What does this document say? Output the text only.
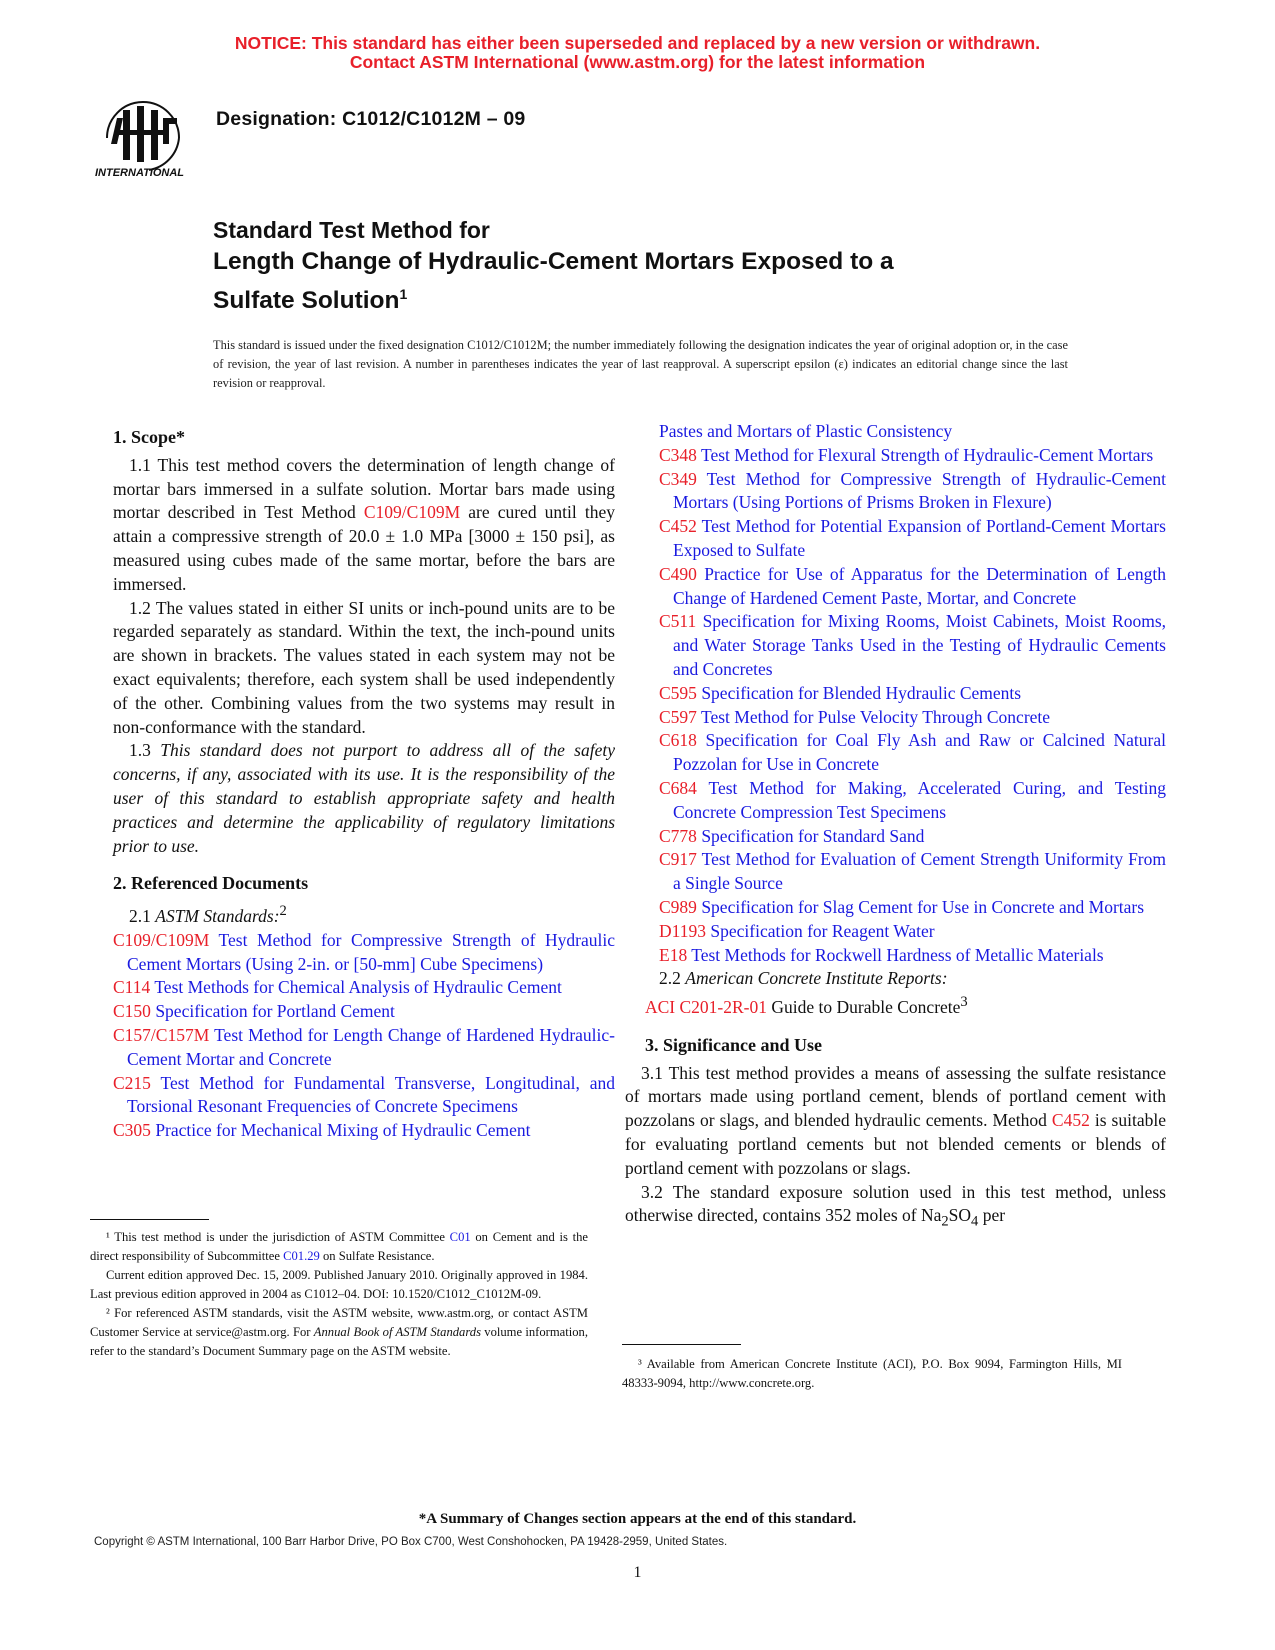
NOTICE: This standard has either been superseded and replaced by a new version or withdrawn.
Contact ASTM International (www.astm.org) for the latest information
INTERNATIONAL
Designation: C1012/C1012M – 09
Standard Test Method for
Length Change of Hydraulic-Cement Mortars Exposed to a
Sulfate Solution$^1$
This standard is issued under the fixed designation C1012/C1012M; the number immediately following the designation indicates the year of original adoption or, in the case of revision, the year of last revision. A number in parentheses indicates the year of last reapproval. A superscript epsilon (ε) indicates an editorial change since the last revision or reapproval.
1. Scope*

1.1 This test method covers the determination of length change of mortar bars immersed in a sulfate solution. Mortar bars made using mortar described in Test Method C109/C109M are cured until they attain a compressive strength of 20.0 ± 1.0 MPa [3000 ± 150 psi], as measured using cubes made of the same mortar, before the bars are immersed.

1.2 The values stated in either SI units or inch-pound units are to be regarded separately as standard. Within the text, the inch-pound units are shown in brackets. The values stated in each system may not be exact equivalents; therefore, each system shall be used independently of the other. Combining values from the two systems may result in non-conformance with the standard.

1.3 This standard does not purport to address all of the safety concerns, if any, associated with its use. It is the responsibility of the user of this standard to establish appropriate safety and health practices and determine the applicability of regulatory limitations prior to use.

2. Referenced Documents

2.1 ASTM Standards:$^2$

C109/C109M Test Method for Compressive Strength of Hydraulic Cement Mortars (Using 2-in. or [50-mm] Cube Specimens)

C114 Test Methods for Chemical Analysis of Hydraulic Cement

C150 Specification for Portland Cement

C157/C157M Test Method for Length Change of Hardened Hydraulic-Cement Mortar and Concrete

C215 Test Method for Fundamental Transverse, Longitudinal, and Torsional Resonant Frequencies of Concrete Specimens

C305 Practice for Mechanical Mixing of Hydraulic Cement

¹ This test method is under the jurisdiction of ASTM Committee C01 on Cement and is the direct responsibility of Subcommittee C01.29 on Sulfate Resistance.

Current edition approved Dec. 15, 2009. Published January 2010. Originally approved in 1984. Last previous edition approved in 2004 as C1012–04. DOI: 10.1520/C1012_C1012M-09.

² For referenced ASTM standards, visit the ASTM website, www.astm.org, or contact ASTM Customer Service at service@astm.org. For Annual Book of ASTM Standards volume information, refer to the standard’s Document Summary page on the ASTM website.

Pastes and Mortars of Plastic Consistency

C348 Test Method for Flexural Strength of Hydraulic-Cement Mortars

C349 Test Method for Compressive Strength of Hydraulic-Cement Mortars (Using Portions of Prisms Broken in Flexure)

C452 Test Method for Potential Expansion of Portland-Cement Mortars Exposed to Sulfate

C490 Practice for Use of Apparatus for the Determination of Length Change of Hardened Cement Paste, Mortar, and Concrete

C511 Specification for Mixing Rooms, Moist Cabinets, Moist Rooms, and Water Storage Tanks Used in the Testing of Hydraulic Cements and Concretes

C595 Specification for Blended Hydraulic Cements

C597 Test Method for Pulse Velocity Through Concrete

C618 Specification for Coal Fly Ash and Raw or Calcined Natural Pozzolan for Use in Concrete

C684 Test Method for Making, Accelerated Curing, and Testing Concrete Compression Test Specimens

C778 Specification for Standard Sand

C917 Test Method for Evaluation of Cement Strength Uniformity From a Single Source

C989 Specification for Slag Cement for Use in Concrete and Mortars

D1193 Specification for Reagent Water

E18 Test Methods for Rockwell Hardness of Metallic Materials

2.2 American Concrete Institute Reports:

ACI C201-2R-01 Guide to Durable Concrete$^3$

3. Significance and Use

3.1 This test method provides a means of assessing the sulfate resistance of mortars made using portland cement, blends of portland cement with pozzolans or slags, and blended hydraulic cements. Method C452 is suitable for evaluating portland cements but not blended cements or blends of portland cement with pozzolans or slags.

3.2 The standard exposure solution used in this test method, unless otherwise directed, contains 352 moles of $Na_2SO_4$ per

³ Available from American Concrete Institute (ACI), P.O. Box 9094, Farmington Hills, MI 48333-9094, http://www.concrete.org.

*A Summary of Changes section appears at the end of this standard.
Copyright © ASTM International, 100 Barr Harbor Drive, PO Box C700, West Conshohocken, PA 19428-2959, United States.
1
